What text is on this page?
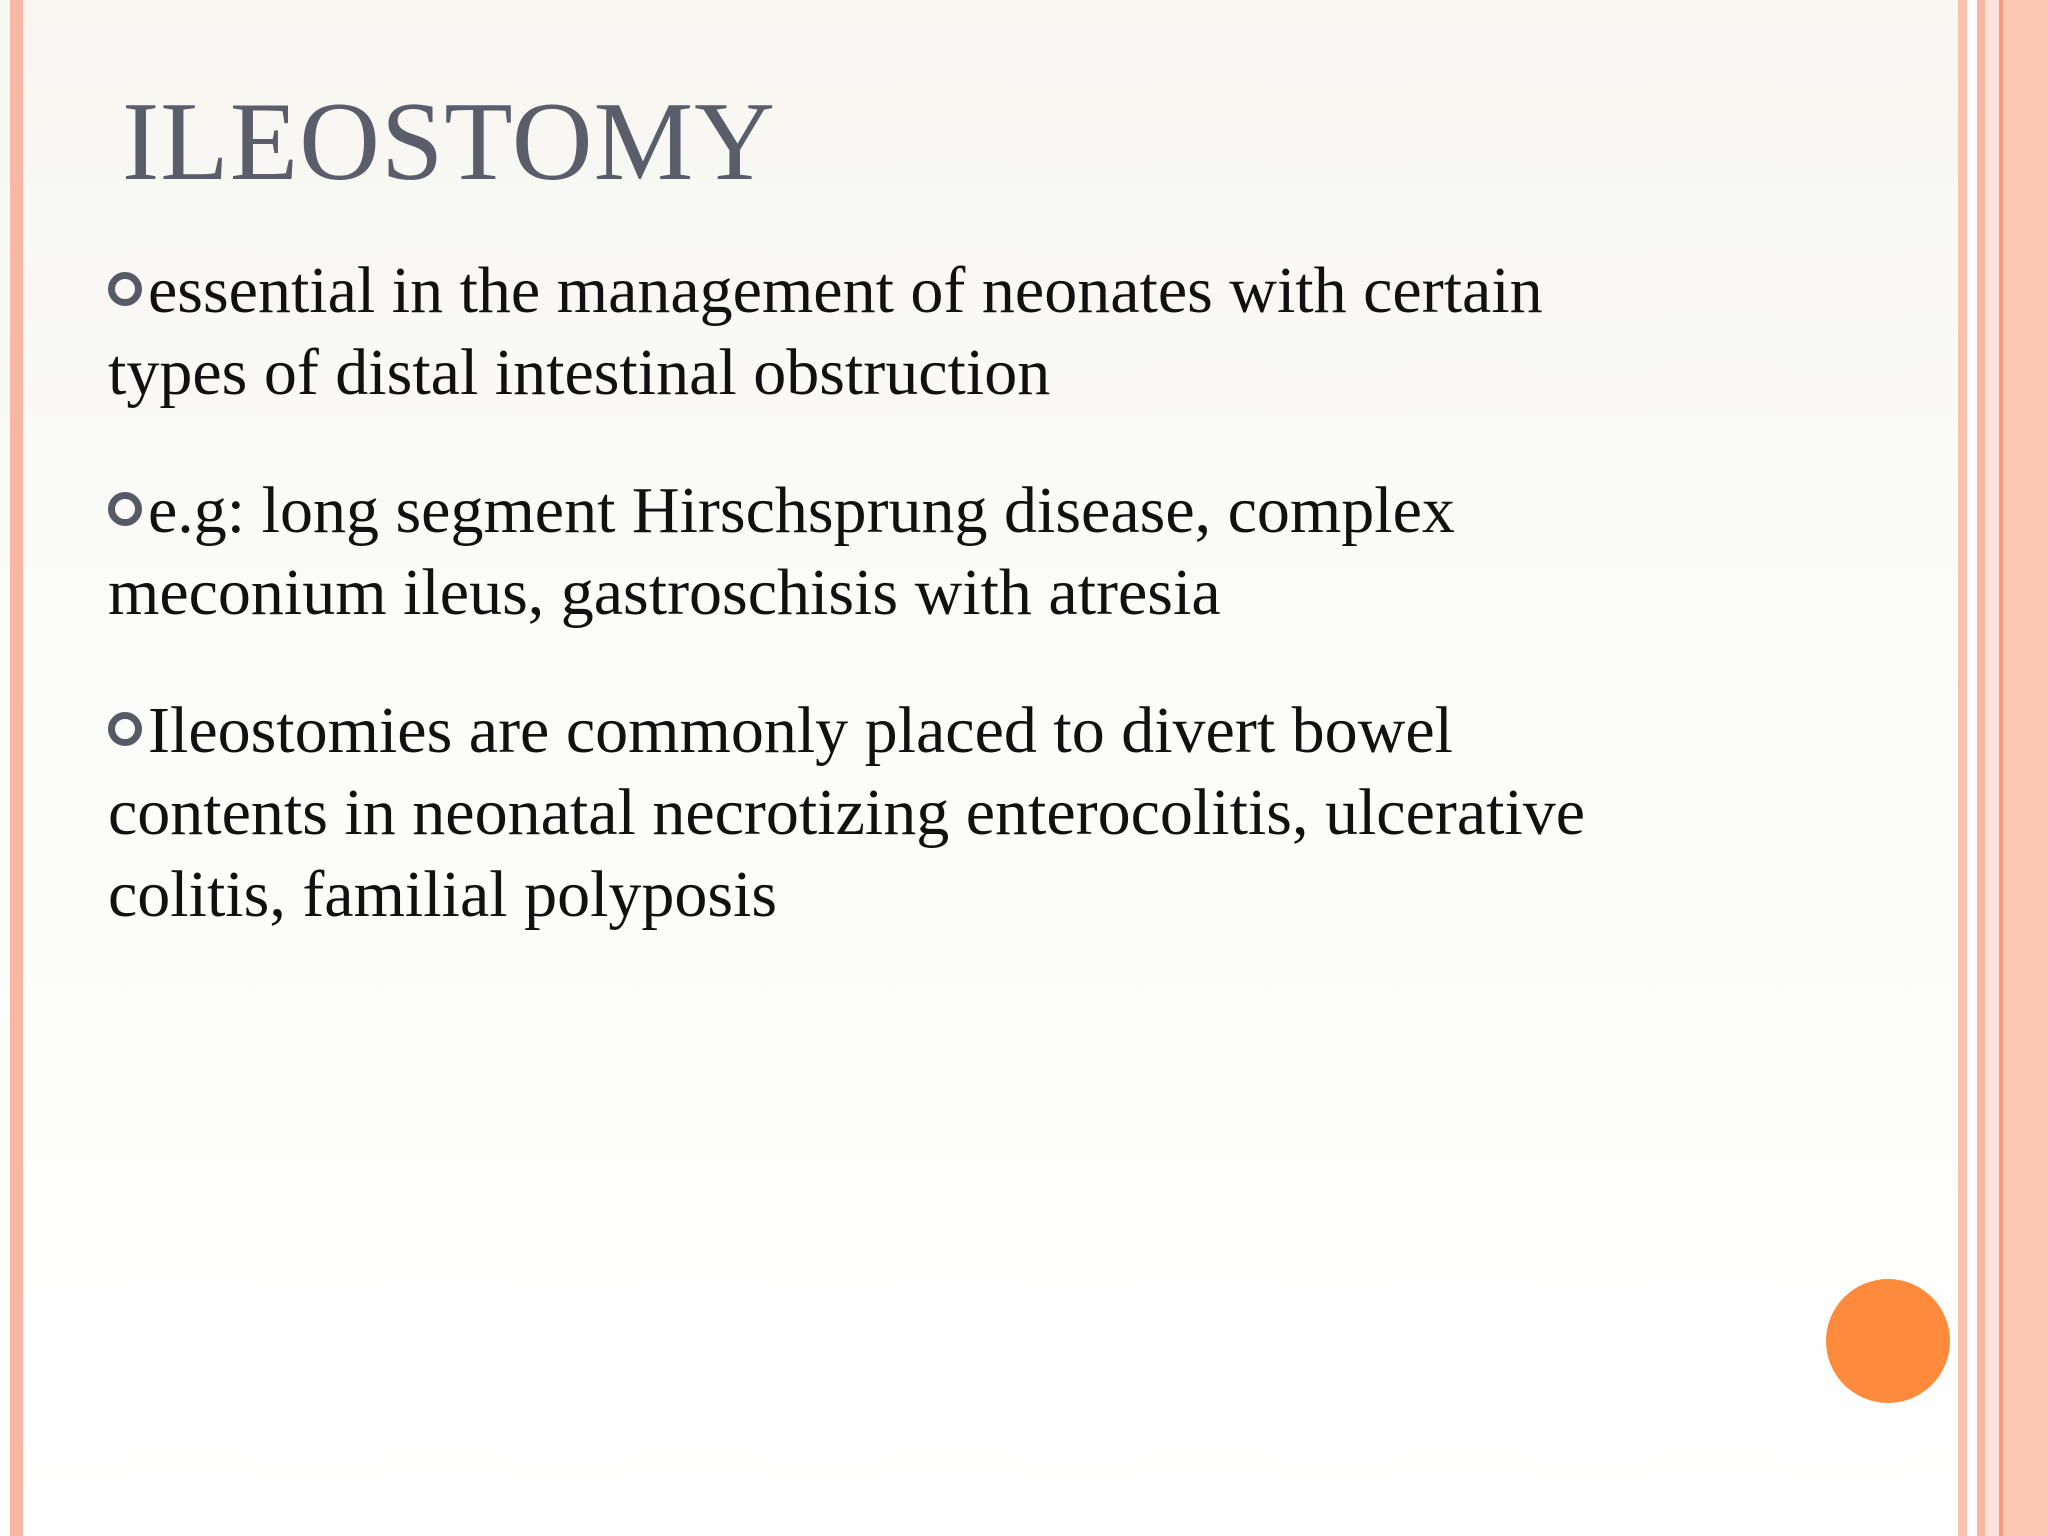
ILEOSTOMY
essential in the management of neonates with certain types of distal intestinal obstruction
e.g: long segment Hirschsprung disease, complex meconium ileus, gastroschisis with atresia
Ileostomies are commonly placed to divert bowel contents in neonatal necrotizing enterocolitis, ulcerative colitis, familial polyposis
